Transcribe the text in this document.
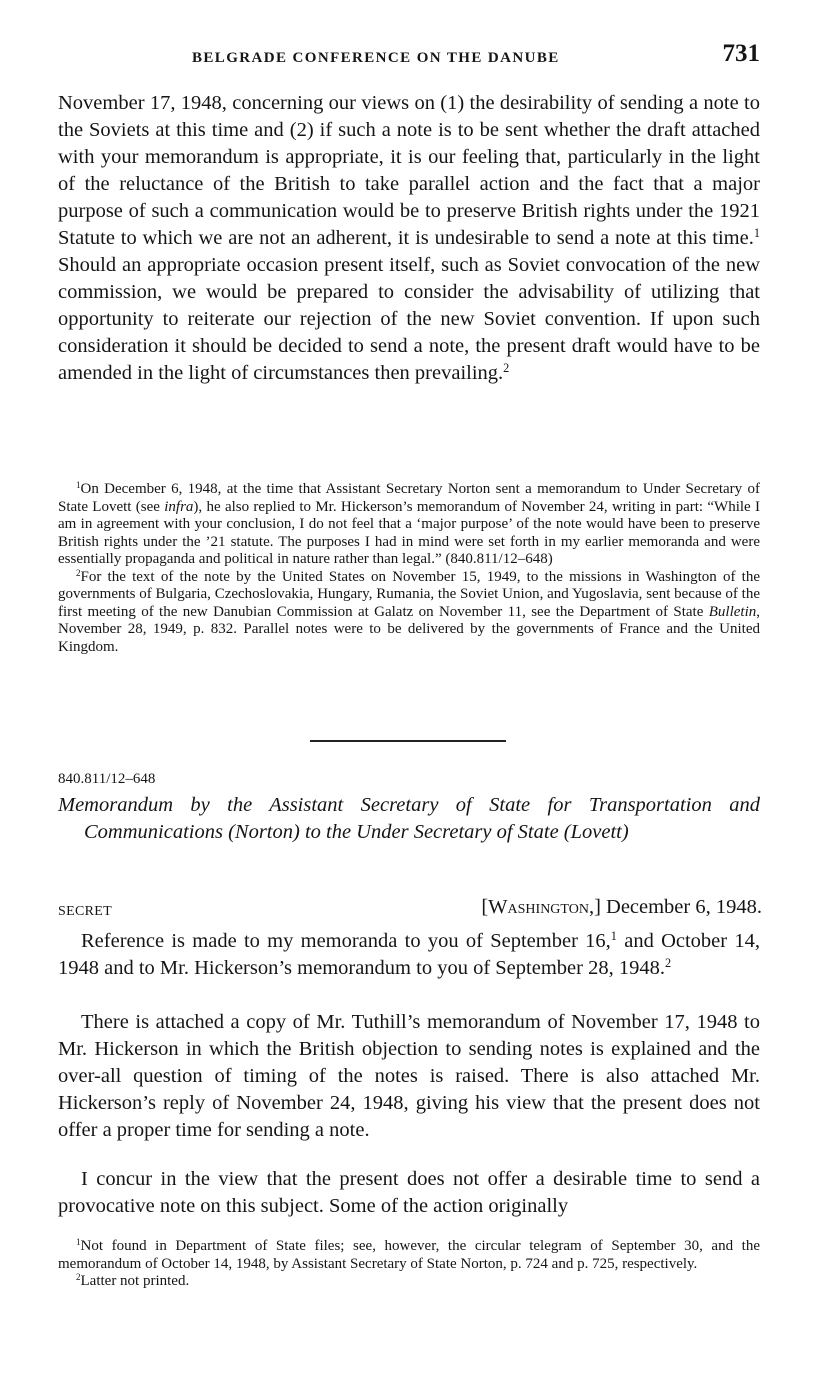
BELGRADE CONFERENCE ON THE DANUBE	731

November 17, 1948, concerning our views on (1) the desirability of sending a note to the Soviets at this time and (2) if such a note is to be sent whether the draft attached with your memorandum is appropriate, it is our feeling that, particularly in the light of the reluctance of the British to take parallel action and the fact that a major purpose of such a communication would be to preserve British rights under the 1921 Statute to which we are not an adherent, it is undesirable to send a note at this time.$^1$ Should an appropriate occasion present itself, such as Soviet convocation of the new commission, we would be prepared to consider the advisability of utilizing that opportunity to reiterate our rejection of the new Soviet convention. If upon such consideration it should be decided to send a note, the present draft would have to be amended in the light of circumstances then prevailing.$^2$

$^1$On December 6, 1948, at the time that Assistant Secretary Norton sent a memorandum to Under Secretary of State Lovett (see infra), he also replied to Mr. Hickerson’s memorandum of November 24, writing in part: “While I am in agreement with your conclusion, I do not feel that a ‘major purpose’ of the note would have been to preserve British rights under the ’21 statute. The purposes I had in mind were set forth in my earlier memoranda and were essentially propaganda and political in nature rather than legal.” (840.811/12–648)

$^2$For the text of the note by the United States on November 15, 1949, to the missions in Washington of the governments of Bulgaria, Czechoslovakia, Hungary, Rumania, the Soviet Union, and Yugoslavia, sent because of the first meeting of the new Danubian Commission at Galatz on November 11, see the Department of State Bulletin, November 28, 1949, p. 832. Parallel notes were to be delivered by the governments of France and the United Kingdom.

840.811/12–648

Memorandum by the Assistant Secretary of State for Transportation and Communications (Norton) to the Under Secretary of State (Lovett)

SECRET	[Washington,] December 6, 1948.

Reference is made to my memoranda to you of September 16,$^1$ and October 14, 1948 and to Mr. Hickerson’s memorandum to you of September 28, 1948.$^2$

There is attached a copy of Mr. Tuthill’s memorandum of November 17, 1948 to Mr. Hickerson in which the British objection to sending notes is explained and the over-all question of timing of the notes is raised. There is also attached Mr. Hickerson’s reply of November 24, 1948, giving his view that the present does not offer a proper time for sending a note.

I concur in the view that the present does not offer a desirable time to send a provocative note on this subject. Some of the action originally

$^1$Not found in Department of State files; see, however, the circular telegram of September 30, and the memorandum of October 14, 1948, by Assistant Secretary of State Norton, p. 724 and p. 725, respectively.

$^2$Latter not printed.
